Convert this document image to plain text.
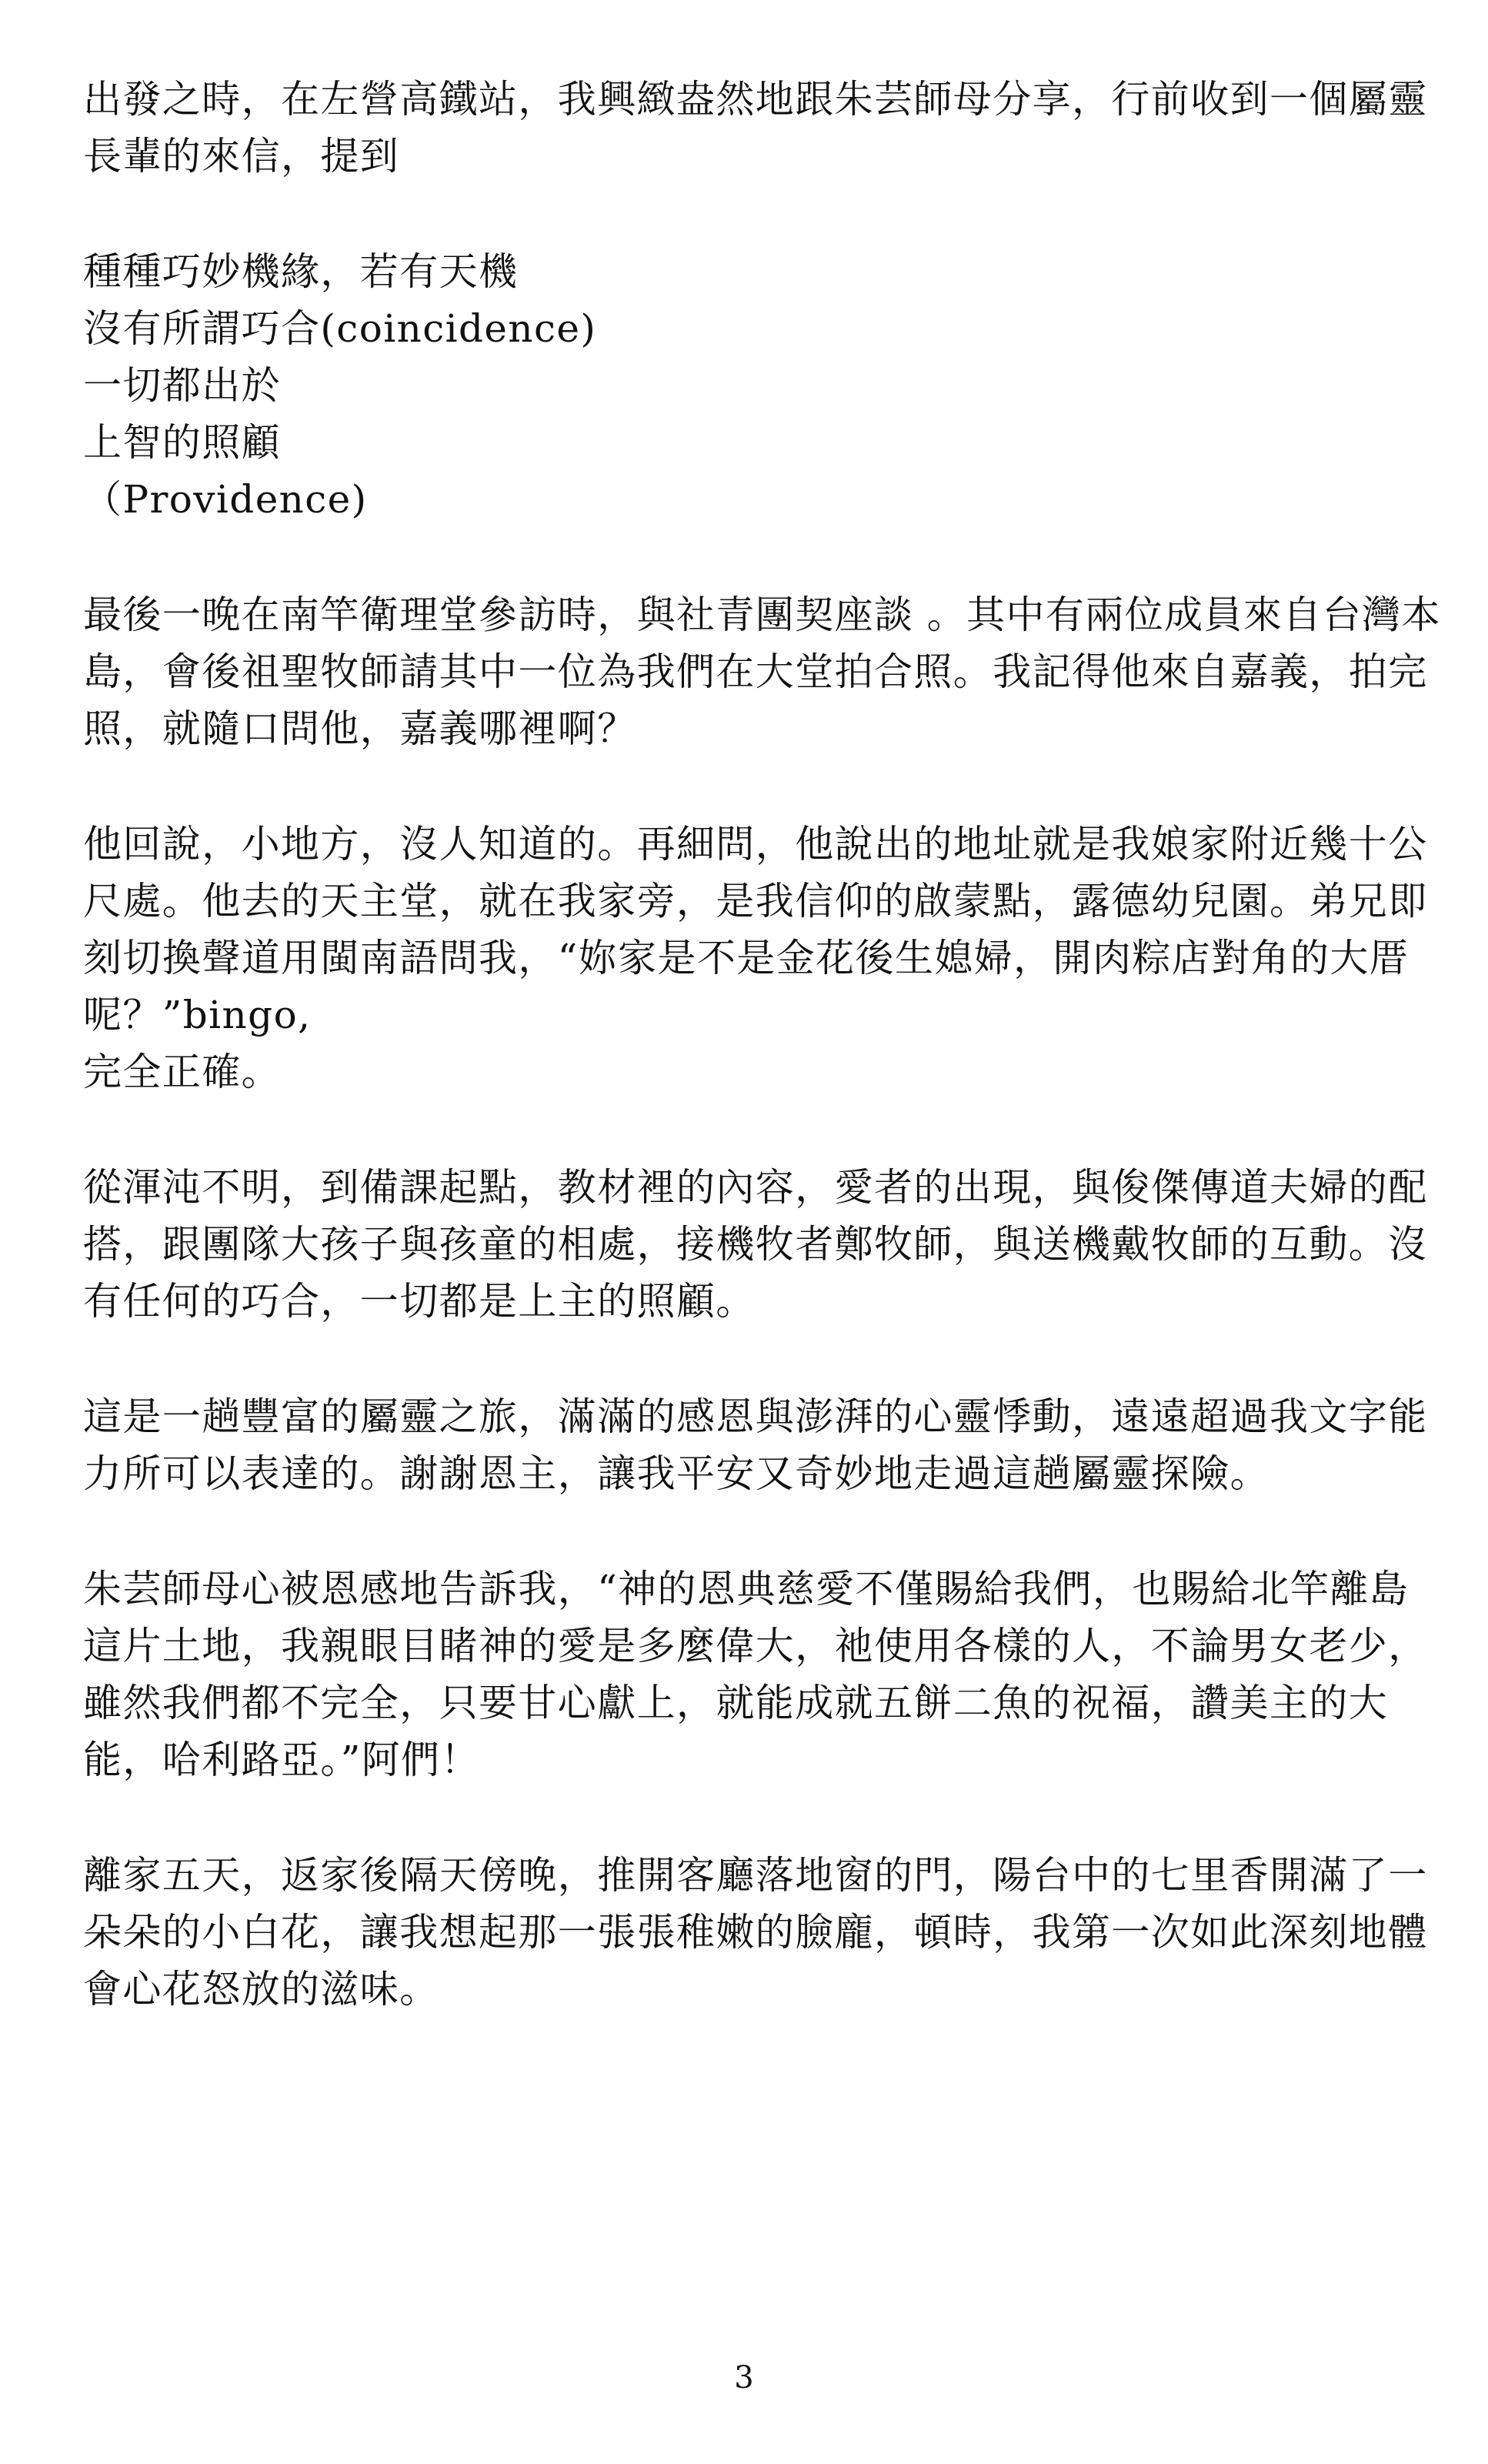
出發之時，在左營高鐵站，我興緻盎然地跟朱芸師母分享，行前收到一個屬靈
長輩的來信，提到
種種巧妙機緣，若有天機
沒有所謂巧合(coincidence)
一切都出於
上智的照顧
（Providence)
最後一晚在南竿衛理堂參訪時，與社青團契座談 。其中有兩位成員來自台灣本
島，會後祖聖牧師請其中一位為我們在大堂拍合照。我記得他來自嘉義，拍完
照，就隨口問他，嘉義哪裡啊？
他回說，小地方，沒人知道的。再細問，他說出的地址就是我娘家附近幾十公
尺處。他去的天主堂，就在我家旁，是我信仰的啟蒙點，露德幼兒園。弟兄即
刻切換聲道用閩南語問我，“妳家是不是金花後生媳婦，開肉粽店對角的大厝
呢？”bingo,
完全正確。
從渾沌不明，到備課起點，教材裡的內容，愛者的出現，與俊傑傳道夫婦的配
搭，跟團隊大孩子與孩童的相處，接機牧者鄭牧師，與送機戴牧師的互動。沒
有任何的巧合，一切都是上主的照顧。
這是一趟豐富的屬靈之旅，滿滿的感恩與澎湃的心靈悸動，遠遠超過我文字能
力所可以表達的。謝謝恩主，讓我平安又奇妙地走過這趟屬靈探險。
朱芸師母心被恩感地告訴我，“神的恩典慈愛不僅賜給我們，也賜給北竿離島
這片土地，我親眼目睹神的愛是多麼偉大，祂使用各樣的人，不論男女老少，
雖然我們都不完全，只要甘心獻上，就能成就五餅二魚的祝福，讚美主的大
能，哈利路亞。”阿們！
離家五天，返家後隔天傍晚，推開客廳落地窗的門，陽台中的七里香開滿了一
朵朵的小白花，讓我想起那一張張稚嫩的臉龐，頓時，我第一次如此深刻地體
會心花怒放的滋味。
3
